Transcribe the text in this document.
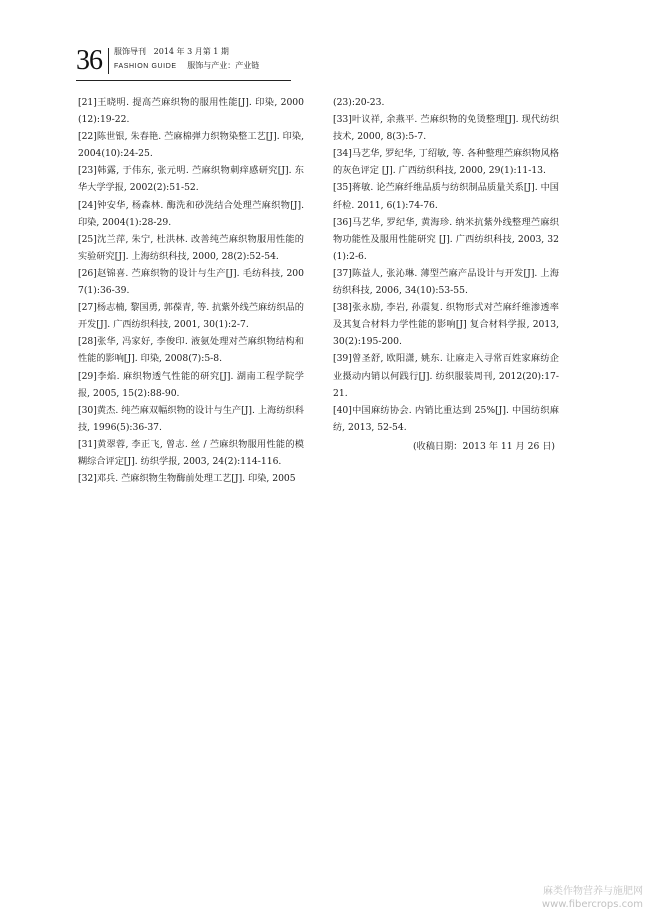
36 服饰导刊 2014 年 3 月第 1 期
FASHION GUIDE 服饰与产业：产业链

[21]王晓明. 提高苎麻织物的服用性能[J]. 印染, 2000(12):19-22.

[22]陈世银, 朱春艳. 苎麻棉弹力织物染整工艺[J]. 印染, 2004(10):24-25.

[23]韩露, 于伟东, 张元明. 苎麻织物刺痒感研究[J]. 东华大学学报, 2002(2):51-52.

[24]钟安华, 杨森林. 酶洗和砂洗结合处理苎麻织物[J]. 印染, 2004(1):28-29.

[25]沈兰萍, 朱宁, 杜洪林. 改善纯苎麻织物服用性能的实验研究[J]. 上海纺织科技, 2000, 28(2):52-54.

[26]赵锦喜. 苎麻织物的设计与生产[J]. 毛纺科技, 2007(1):36-39.

[27]杨志楠, 黎国勇, 郭葆青, 等. 抗紫外线苎麻纺织品的开发[J]. 广西纺织科技, 2001, 30(1):2-7.

[28]张华, 冯家好, 李俊印. 液氨处理对苎麻织物结构和性能的影响[J]. 印染, 2008(7):5-8.

[29]李焰. 麻织物透气性能的研究[J]. 湖南工程学院学报, 2005, 15(2):88-90.

[30]黄杰. 纯苎麻双幅织物的设计与生产[J]. 上海纺织科技, 1996(5):36-37.

[31]黄翠蓉, 李正飞, 曾志. 丝 / 苎麻织物服用性能的模糊综合评定[J]. 纺织学报, 2003, 24(2):114-116.

[32]邓兵. 苎麻织物生物酶前处理工艺[J]. 印染, 2005

(23):20-23.

[33]叶议祥, 余燕平. 苎麻织物的免烫整理[J]. 现代纺织技术, 2000, 8(3):5-7.

[34]马艺华, 罗纪华, 丁绍敏, 等. 各种整理苎麻织物风格的灰色评定 [J]. 广西纺织科技, 2000, 29(1):11-13.

[35]蒋敏. 论苎麻纤维品质与纺织制品质量关系[J]. 中国纤检. 2011, 6(1):74-76.

[36]马艺华, 罗纪华, 黄海珍. 纳米抗紫外线整理苎麻织物功能性及服用性能研究 [J]. 广西纺织科技, 2003, 32(1):2-6.

[37]陈益人, 张沁琳. 薄型苎麻产品设计与开发[J]. 上海纺织科技, 2006, 34(10):53-55.

[38]张永励, 李岩, 孙震复. 织物形式对苎麻纤维渗透率及其复合材料力学性能的影响[J] 复合材料学报, 2013, 30(2):195-200.

[39]曾圣舒, 欧阳潇, 姚东. 让麻走入寻常百姓家麻纺企业摄动内销以何践行[J]. 纺织服装周刊, 2012(20):17-21.

[40]中国麻纺协会. 内销比重达到 25%[J]. 中国纺织麻纺, 2013, 52-54.

(收稿日期：2013 年 11 月 26 日)

麻类作物营养与施肥网
www.fibercrops.com
